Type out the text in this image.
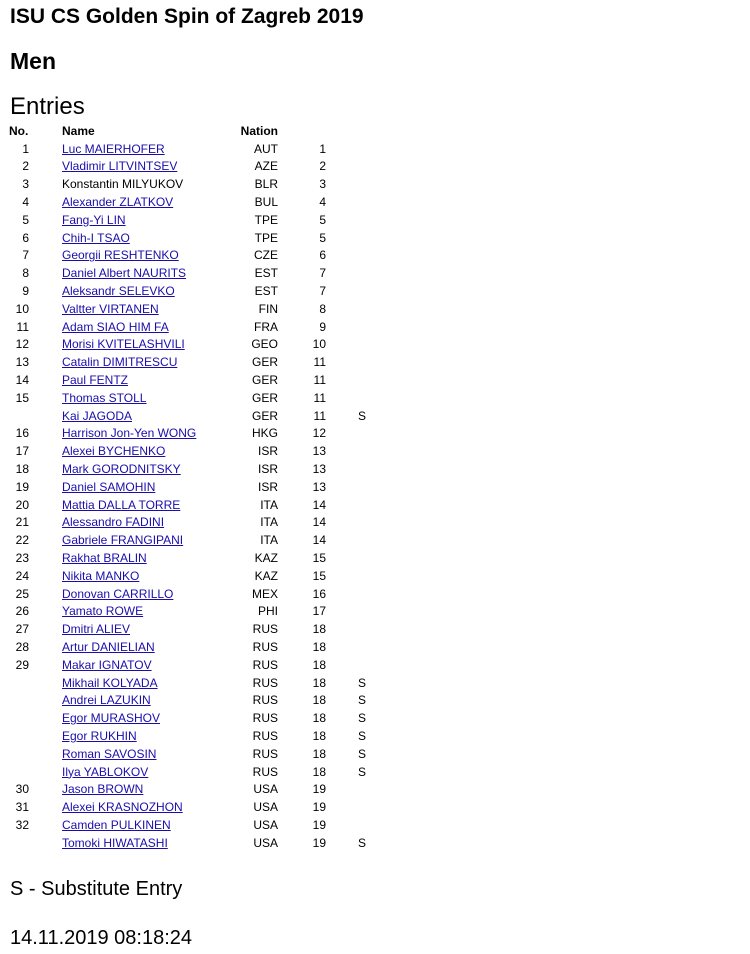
ISU CS Golden Spin of Zagreb 2019
Men
Entries
No.		Name	Nation		
1		Luc MAIERHOFER	AUT	1	
2		Vladimir LITVINTSEV	AZE	2	
3		Konstantin MILYUKOV	BLR	3	
4		Alexander ZLATKOV	BUL	4	
5		Fang-Yi LIN	TPE	5	
6		Chih-I TSAO	TPE	5	
7		Georgii RESHTENKO	CZE	6	
8		Daniel Albert NAURITS	EST	7	
9		Aleksandr SELEVKO	EST	7	
10		Valtter VIRTANEN	FIN	8	
11		Adam SIAO HIM FA	FRA	9	
12		Morisi KVITELASHVILI	GEO	10	
13		Catalin DIMITRESCU	GER	11	
14		Paul FENTZ	GER	11	
15		Thomas STOLL	GER	11	
		Kai JAGODA	GER	11	S
16		Harrison Jon-Yen WONG	HKG	12	
17		Alexei BYCHENKO	ISR	13	
18		Mark GORODNITSKY	ISR	13	
19		Daniel SAMOHIN	ISR	13	
20		Mattia DALLA TORRE	ITA	14	
21		Alessandro FADINI	ITA	14	
22		Gabriele FRANGIPANI	ITA	14	
23		Rakhat BRALIN	KAZ	15	
24		Nikita MANKO	KAZ	15	
25		Donovan CARRILLO	MEX	16	
26		Yamato ROWE	PHI	17	
27		Dmitri ALIEV	RUS	18	
28		Artur DANIELIAN	RUS	18	
29		Makar IGNATOV	RUS	18	
		Mikhail KOLYADA	RUS	18	S
		Andrei LAZUKIN	RUS	18	S
		Egor MURASHOV	RUS	18	S
		Egor RUKHIN	RUS	18	S
		Roman SAVOSIN	RUS	18	S
		Ilya YABLOKOV	RUS	18	S
30		Jason BROWN	USA	19	
31		Alexei KRASNOZHON	USA	19	
32		Camden PULKINEN	USA	19	
		Tomoki HIWATASHI	USA	19	S
S - Substitute Entry
14.11.2019 08:18:24
